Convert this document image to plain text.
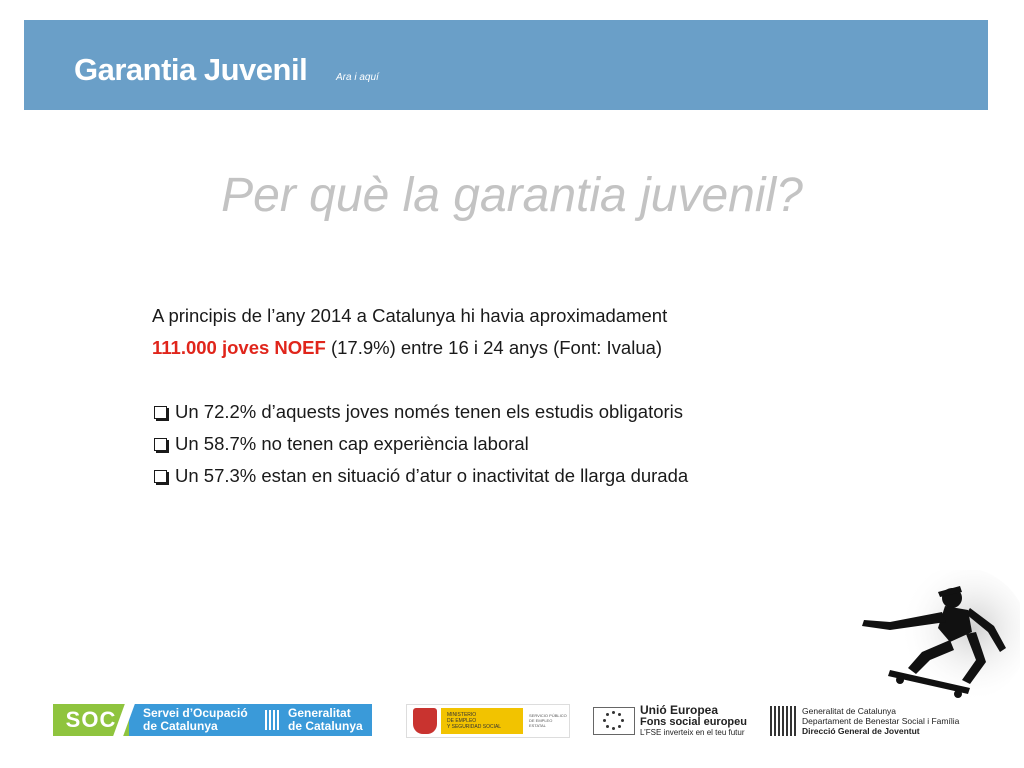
Garantia Juvenil	Ara i aquí
Per què la garantia juvenil?
A principis de l’any 2014 a Catalunya hi havia aproximadament
111.000 joves NOEF (17.9%) entre 16 i 24 anys (Font: Ivalua)
Un 72.2% d’aquests joves només tenen els estudis obligatoris
Un 58.7% no tenen cap experiència laboral
Un 57.3% estan en situació d’atur o inactivitat de llarga durada
SOC	Servei d’Ocupació
de Catalunya
Generalitat
de Catalunya
MINISTERIO
DE EMPLEO
Y SEGURIDAD SOCIAL
SERVICIO PÚBLICO
DE EMPLEO ESTATAL
Unió Europea
Fons social europeu
L’FSE inverteix en el teu futur
Generalitat de Catalunya
Departament de Benestar Social i Família
Direcció General de Joventut
